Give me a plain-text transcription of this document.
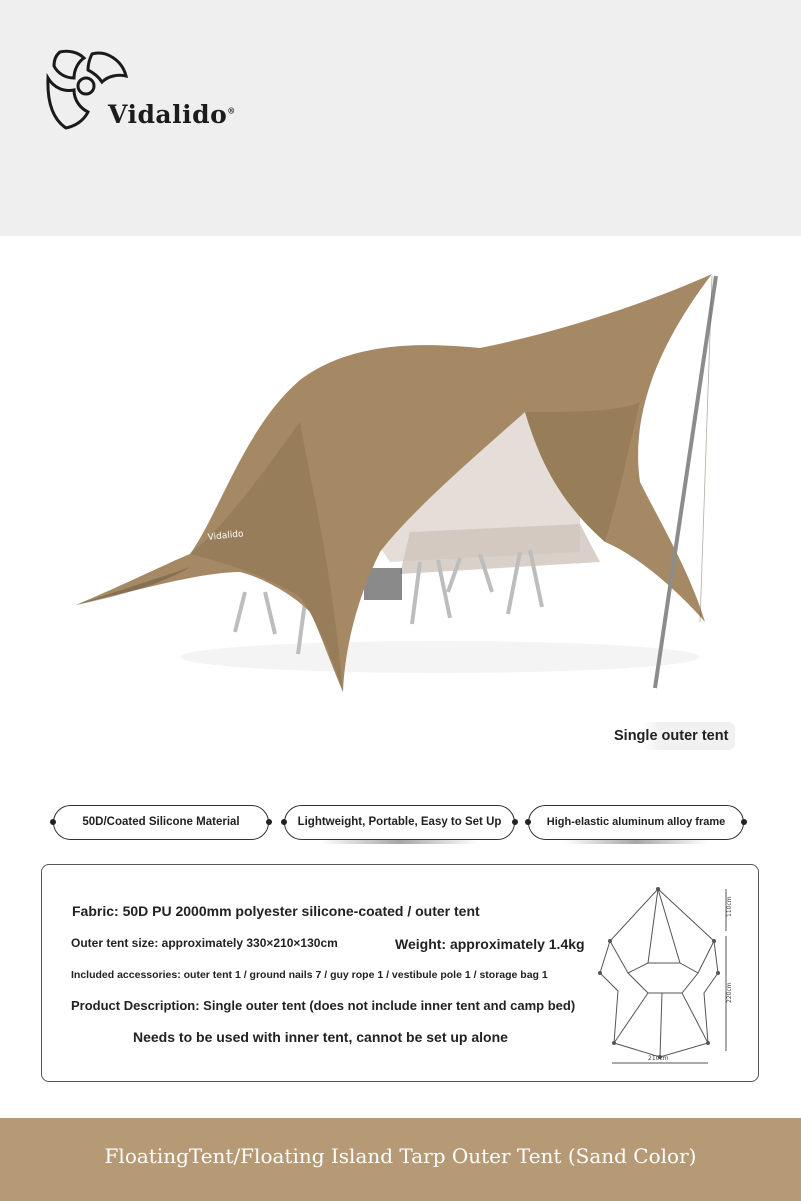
Vidalido®
Vidalido
Single outer tent
50D/Coated Silicone Material	Lightweight, Portable, Easy to Set Up	High-elastic aluminum alloy frame
Fabric: 50D PU 2000mm polyester silicone-coated / outer tent
Outer tent size: approximately 330×210×130cm	Weight: approximately 1.4kg
Included accessories: outer tent 1 / ground nails 7 / guy rope 1 / vestibule pole 1 / storage bag 1
Product Description: Single outer tent (does not include inner tent and camp bed)
Needs to be used with inner tent, cannot be set up alone
110cm
220cm
210cm
FloatingTent/Floating Island Tarp Outer Tent (Sand Color)
